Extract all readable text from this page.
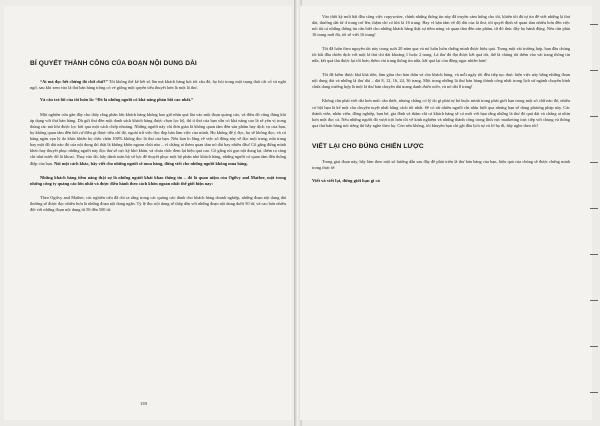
BÍ QUYẾT THÀNH CÔNG CỦA ĐOẠN NỘI DUNG DÀI

“Ai mà đọc hết chừng đó chữ chứ?” Tôi không thể kể hết số lần mà khách hàng hỏi tôi câu đó, họ hỏi trong một trạng thái cắt cổ và nghi ngờ, sau khi xem vào lá thư bán hàng trông có vẻ giống một quyển tiểu thuyết hơn là một lá thư.

Và câu trả lời của tôi luôn là: “Đó là những người có khả năng phản hồi cao nhất.”

Một nghiên cứu gần đây cho thấy rằng phần lớn khách hàng không bao giờ nhìn quá lâu vào một đoạn quảng cáo, và điều đó cũng đúng khi áp dụng với thư bán hàng. Dù gửi thư đến một danh sách khách hàng được chọn lọc kỹ, thì tỉ thư của bạn vẫn có khả năng cao là sẽ yên vị trong thùng rác mà khi được lọc bởi qua một cách chớp nhoáng. Những người này chỉ đơn giản là không quan tâm đến sản phẩm hay dịch vụ của bạn, họ không quan tâm đến bất cứ điều gì được tiêu chí đó, ngoài trừ việc đọc đẹp bản làm việc của mình. Họ không để ý đọc, họ sẽ không đọc, và có hàng ngàn vạn lý do khác khiến họ chắc chắn 100% không đọc lá thư của bạn. Nếu bạn lo lắng về việc số đông này sẽ đọc một trang, nửa trang hay một đồ dài nào đó của nội dung thì thật là không khôn ngoan chút nào – vì chẳng ai thèm quan tâm nó dài hay nhiều đâu! Cố gắng đừng mình khéo hay thuyết phục những người này đọc thư sẽ cực kỳ khó khăn, và chưa chắc đem lại hiệu quả cao. Cố gắng rút gọn nội dung lại, thêm ra càng chỉ như nước đổ lá khoai. Thay vào đó, hãy dành toàn bộ sở lực để thuyết phục một bộ phận nhỏ khách hàng, những người có quan tâm đến thông điệp của bạn. Nói một cách khác, hãy viết cho những người sẽ mua hàng, đừng viết cho những người không mua hàng.

Những khách hàng tiềm năng thật sự là những người khát khao thông tin – đó là quan niệm của Ogilvy and Mather, một trong những công ty quảng cáo lớn nhất và được điều hành theo cách khôn ngoan nhất thế giới hiện nay:

Theo Ogilvy and Mather, các nghiên cứu đã chỉ ra rằng trong các quảng cáo dành cho khách hàng doanh nghiệp, những đoạn nội dung dài thường sẽ được đọc nhiều hơn là những đoạn nội dung ngắn. Tỷ lệ đọc nội dung sẽ thấp dần với những đoạn nội dung dưới 50 từ, và cao hơn nhiều đối với những đoạn nội dung từ 50 đến 500 từ.

139

Vào thời kỳ mới bắt đầu công việc copywriter, chính những thông tin này đã truyền cảm hứng cho tôi, khiến tôi đủ tự tin để viết những lá thư dài, thường dài từ 4 trang trở lên, thậm chí có khi là 16 trang. Hay vì bận tâm về độ dài của lá thư, tôi quyết định sẽ quan tâm nhiều hơn đến việc nói tất cả những thông tin cần biết cho những khách hàng thật sự tiềm năng và quan tâm đến sản phẩm, từ đó thúc đẩy họ hành động. Nếu cần phải 16 trang mới đủ, tôi sẽ viết 16 trang!

Tôi đã luôn theo nguyên tắc này trong suốt 20 năm qua và nó luôn luôn chứng minh được hiệu quả. Trong một vài trường hợp, bạn đầu chúng tôi bắt đầu chiến dịch với một lá thư chỉ dài khoảng 1 hoặc 2 trang. Lá thư đó đạt được kết quả tốt, thế là chúng tôi thêm vào vài trang thông tin nữa, kết quả thu được lại tốt hơn; thêm vài trang thông tin nữa, kết quả lại còn đồng ngạc nhiên hơn!

Tôi đã kiểm được khá khá tiền, làm giàu cho bản thân và cho khách hàng, và mỗi ngày tôi đều tiếp tục thực hiện việc này bằng những đoạn nội dung dài và những lá thư dài – dài 8, 12, 16, 24, 36 trang. Một trong những lá thư bán hàng thành công nhất trong lịch sử ngành chuyên bình chứa dung trường hợp là một lá thư bán chuyên dài mang danh thiên niên, và nó dài 8 trang!

Không cần phải viết dài hơn mức cần thiết, nhưng chẳng có lý do gì phải tự bó buộc mình trong phải giới hạn trong một số chữ nào đó, nhiều cơ hội bạn là kể một câu chuyện tuyệt nhất bằng cách tối nhất. Sẽ có rất nhiều người chỉ nhìn lướt qua nhưng bạn sẽ dung phương pháp này. Các thành viên, nhân viên, đồng nghiệp, bạn bè, gia đình và thậm chí cả khách hàng sẽ có mới với bạn rằng những lá thư đó quá dài và chẳng ai nhìn hơn một đọc cả. Nếu những người đó vượt trội hơn tôi về kinh nghiệm và những thành công trong lĩnh vực marketing trực tiếp với chung và thông qua thư bán hàng nói riêng thì hãy nghe theo họ. Còn nếu không, tôi khuyên bạn chỉ gật đầu lịch sự và lờ họ đi, hãy nghe theo tôi!

VIẾT LẠI CHO ĐÚNG CHIẾN LƯỢC

Trong giai đoạn này, hãy làm theo một số hướng dẫn sau đây để phát triển lá thư bán hàng của bạn, hiệu quả của chúng sẽ được chứng minh trong thực tế:

Viết và viết lại, đừng giới hạn gì cả
